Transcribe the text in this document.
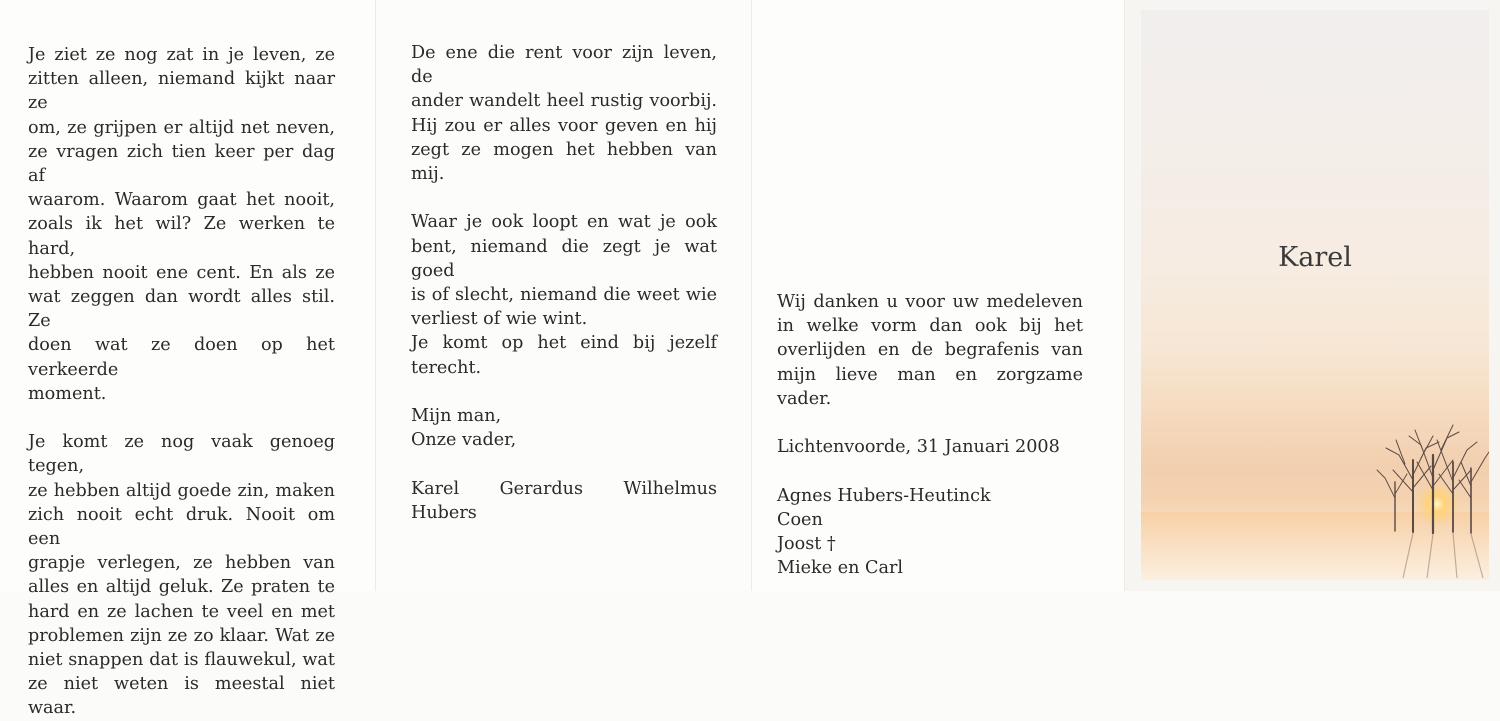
Je ziet ze nog zat in je leven, ze
zitten alleen, niemand kijkt naar ze
om, ze grijpen er altijd net neven,
ze vragen zich tien keer per dag af
waarom. Waarom gaat het nooit,
zoals ik het wil? Ze werken te hard,
hebben nooit ene cent. En als ze
wat zeggen dan wordt alles stil. Ze
doen wat ze doen op het verkeerde
moment.
Je komt ze nog vaak genoeg tegen,
ze hebben altijd goede zin, maken
zich nooit echt druk. Nooit om een
grapje verlegen, ze hebben van
alles en altijd geluk. Ze praten te
hard en ze lachen te veel en met
problemen zijn ze zo klaar. Wat ze
niet snappen dat is flauwekul, wat
ze niet weten is meestal niet waar.
De ene die rent voor zijn leven, de
ander wandelt heel rustig voorbij.
Hij zou er alles voor geven en hij
zegt ze mogen het hebben van mij.
Waar je ook loopt en wat je ook
bent, niemand die zegt je wat goed
is of slecht, niemand die weet wie
verliest of wie wint.
Je komt op het eind bij jezelf terecht.
Mijn man,
Onze vader,
Karel Gerardus Wilhelmus Hubers
Wij danken u voor uw medeleven
in welke vorm dan ook bij het
overlijden en de begrafenis van
mijn lieve man en zorgzame vader.
Lichtenvoorde, 31 Januari 2008
Agnes Hubers-Heutinck
Coen
Joost †
Mieke en Carl
Karel
